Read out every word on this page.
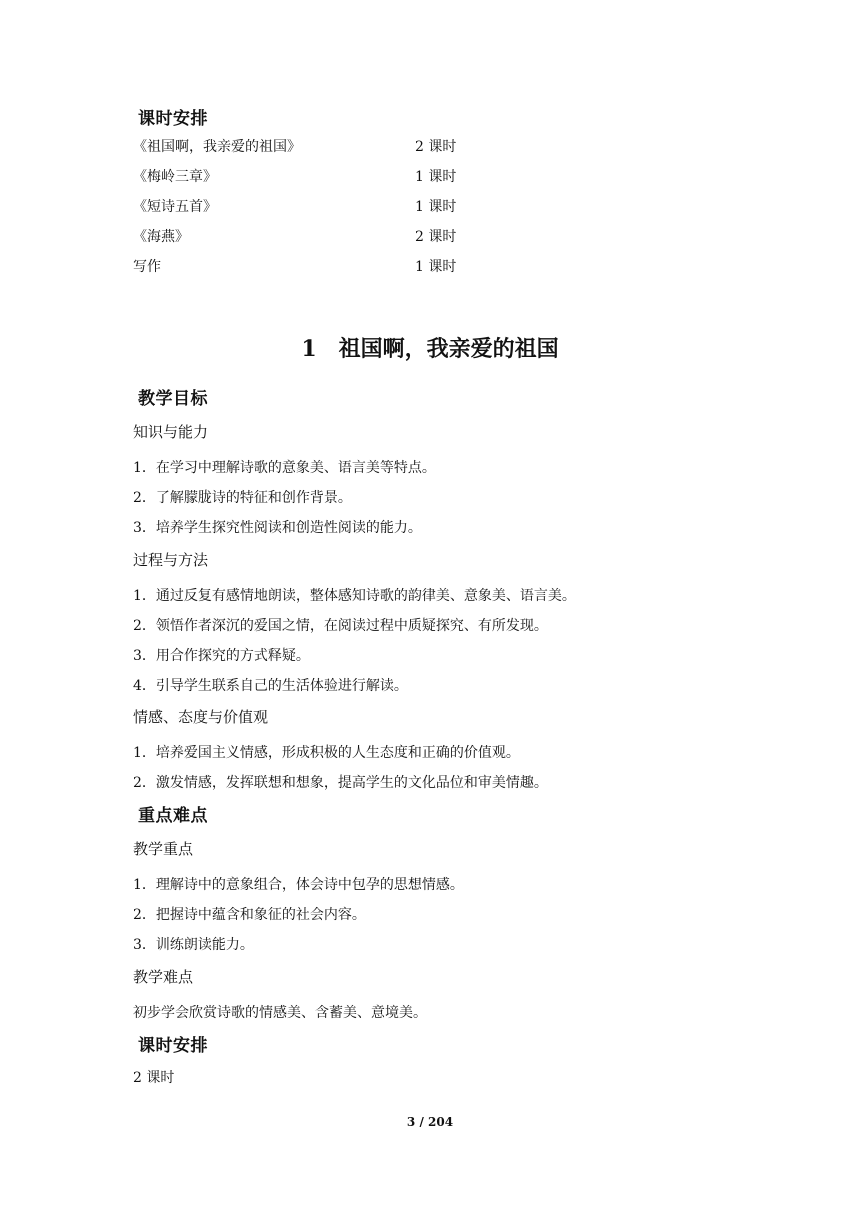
课时安排
《祖国啊，我亲爱的祖国》	2 课时
《梅岭三章》	1 课时
《短诗五首》	1 课时
《海燕》	2 课时
写作	1 课时
1 祖国啊，我亲爱的祖国
教学目标
知识与能力
1．在学习中理解诗歌的意象美、语言美等特点。
2．了解朦胧诗的特征和创作背景。
3．培养学生探究性阅读和创造性阅读的能力。
过程与方法
1．通过反复有感情地朗读，整体感知诗歌的韵律美、意象美、语言美。
2．领悟作者深沉的爱国之情，在阅读过程中质疑探究、有所发现。
3．用合作探究的方式释疑。
4．引导学生联系自己的生活体验进行解读。
情感、态度与价值观
1．培养爱国主义情感，形成积极的人生态度和正确的价值观。
2．激发情感，发挥联想和想象，提高学生的文化品位和审美情趣。
重点难点
教学重点
1．理解诗中的意象组合，体会诗中包孕的思想情感。
2．把握诗中蕴含和象征的社会内容。
3．训练朗读能力。
教学难点
初步学会欣赏诗歌的情感美、含蓄美、意境美。
课时安排
2 课时
3 / 204
